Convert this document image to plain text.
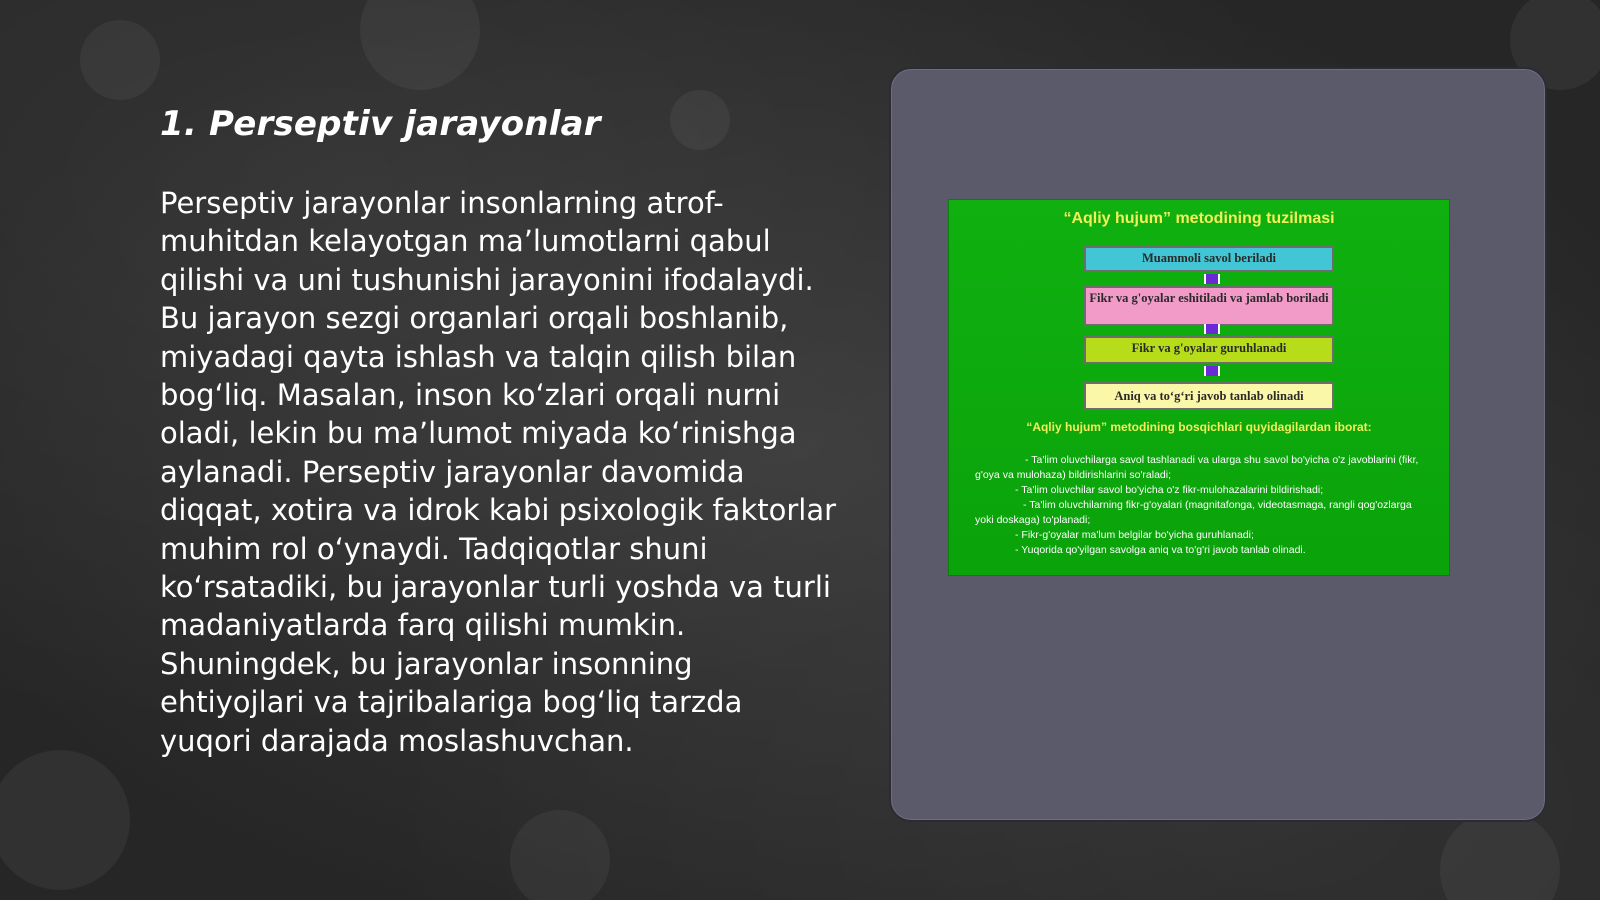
1. Perseptiv jarayonlar

Perseptiv jarayonlar insonlarning atrof-muhitdan kelayotgan ma’lumotlarni qabul qilishi va uni tushunishi jarayonini ifodalaydi. Bu jarayon sezgi organlari orqali boshlanib, miyadagi qayta ishlash va talqin qilish bilan bog‘liq. Masalan, inson ko‘zlari orqali nurni oladi, lekin bu ma’lumot miyada ko‘rinishga aylanadi. Perseptiv jarayonlar davomida diqqat, xotira va idrok kabi psixologik faktorlar muhim rol o‘ynaydi. Tadqiqotlar shuni ko‘rsatadiki, bu jarayonlar turli yoshda va turli madaniyatlarda farq qilishi mumkin. Shuningdek, bu jarayonlar insonning ehtiyojlari va tajribalariga bog‘liq tarzda yuqori darajada moslashuvchan.

“Aqliy hujum” metodining tuzilmasi
Muammoli savol beriladi
Fikr va g'oyalar eshitiladi va jamlab boriladi
Fikr va g'oyalar guruhlanadi
Aniq va to‘g‘ri javob tanlab olinadi
“Aqliy hujum” metodining bosqichlari quyidagilardan iborat:
- Ta'lim oluvchilarga savol tashlanadi va ularga shu savol bo'yicha o'z javoblarini (fikr, g'oya va mulohaza) bildirishlarini so'raladi;
- Ta'lim oluvchilar savol bo'yicha o'z fikr-mulohazalarini bildirishadi;
- Ta'lim oluvchilarning fikr-g'oyalari (magnitafonga, videotasmaga, rangli qog'ozlarga yoki doskaga) to'planadi;
- Fikr-g'oyalar ma'lum belgilar bo'yicha guruhlanadi;
- Yuqorida qo'yilgan savolga aniq va to'g'ri javob tanlab olinadi.
